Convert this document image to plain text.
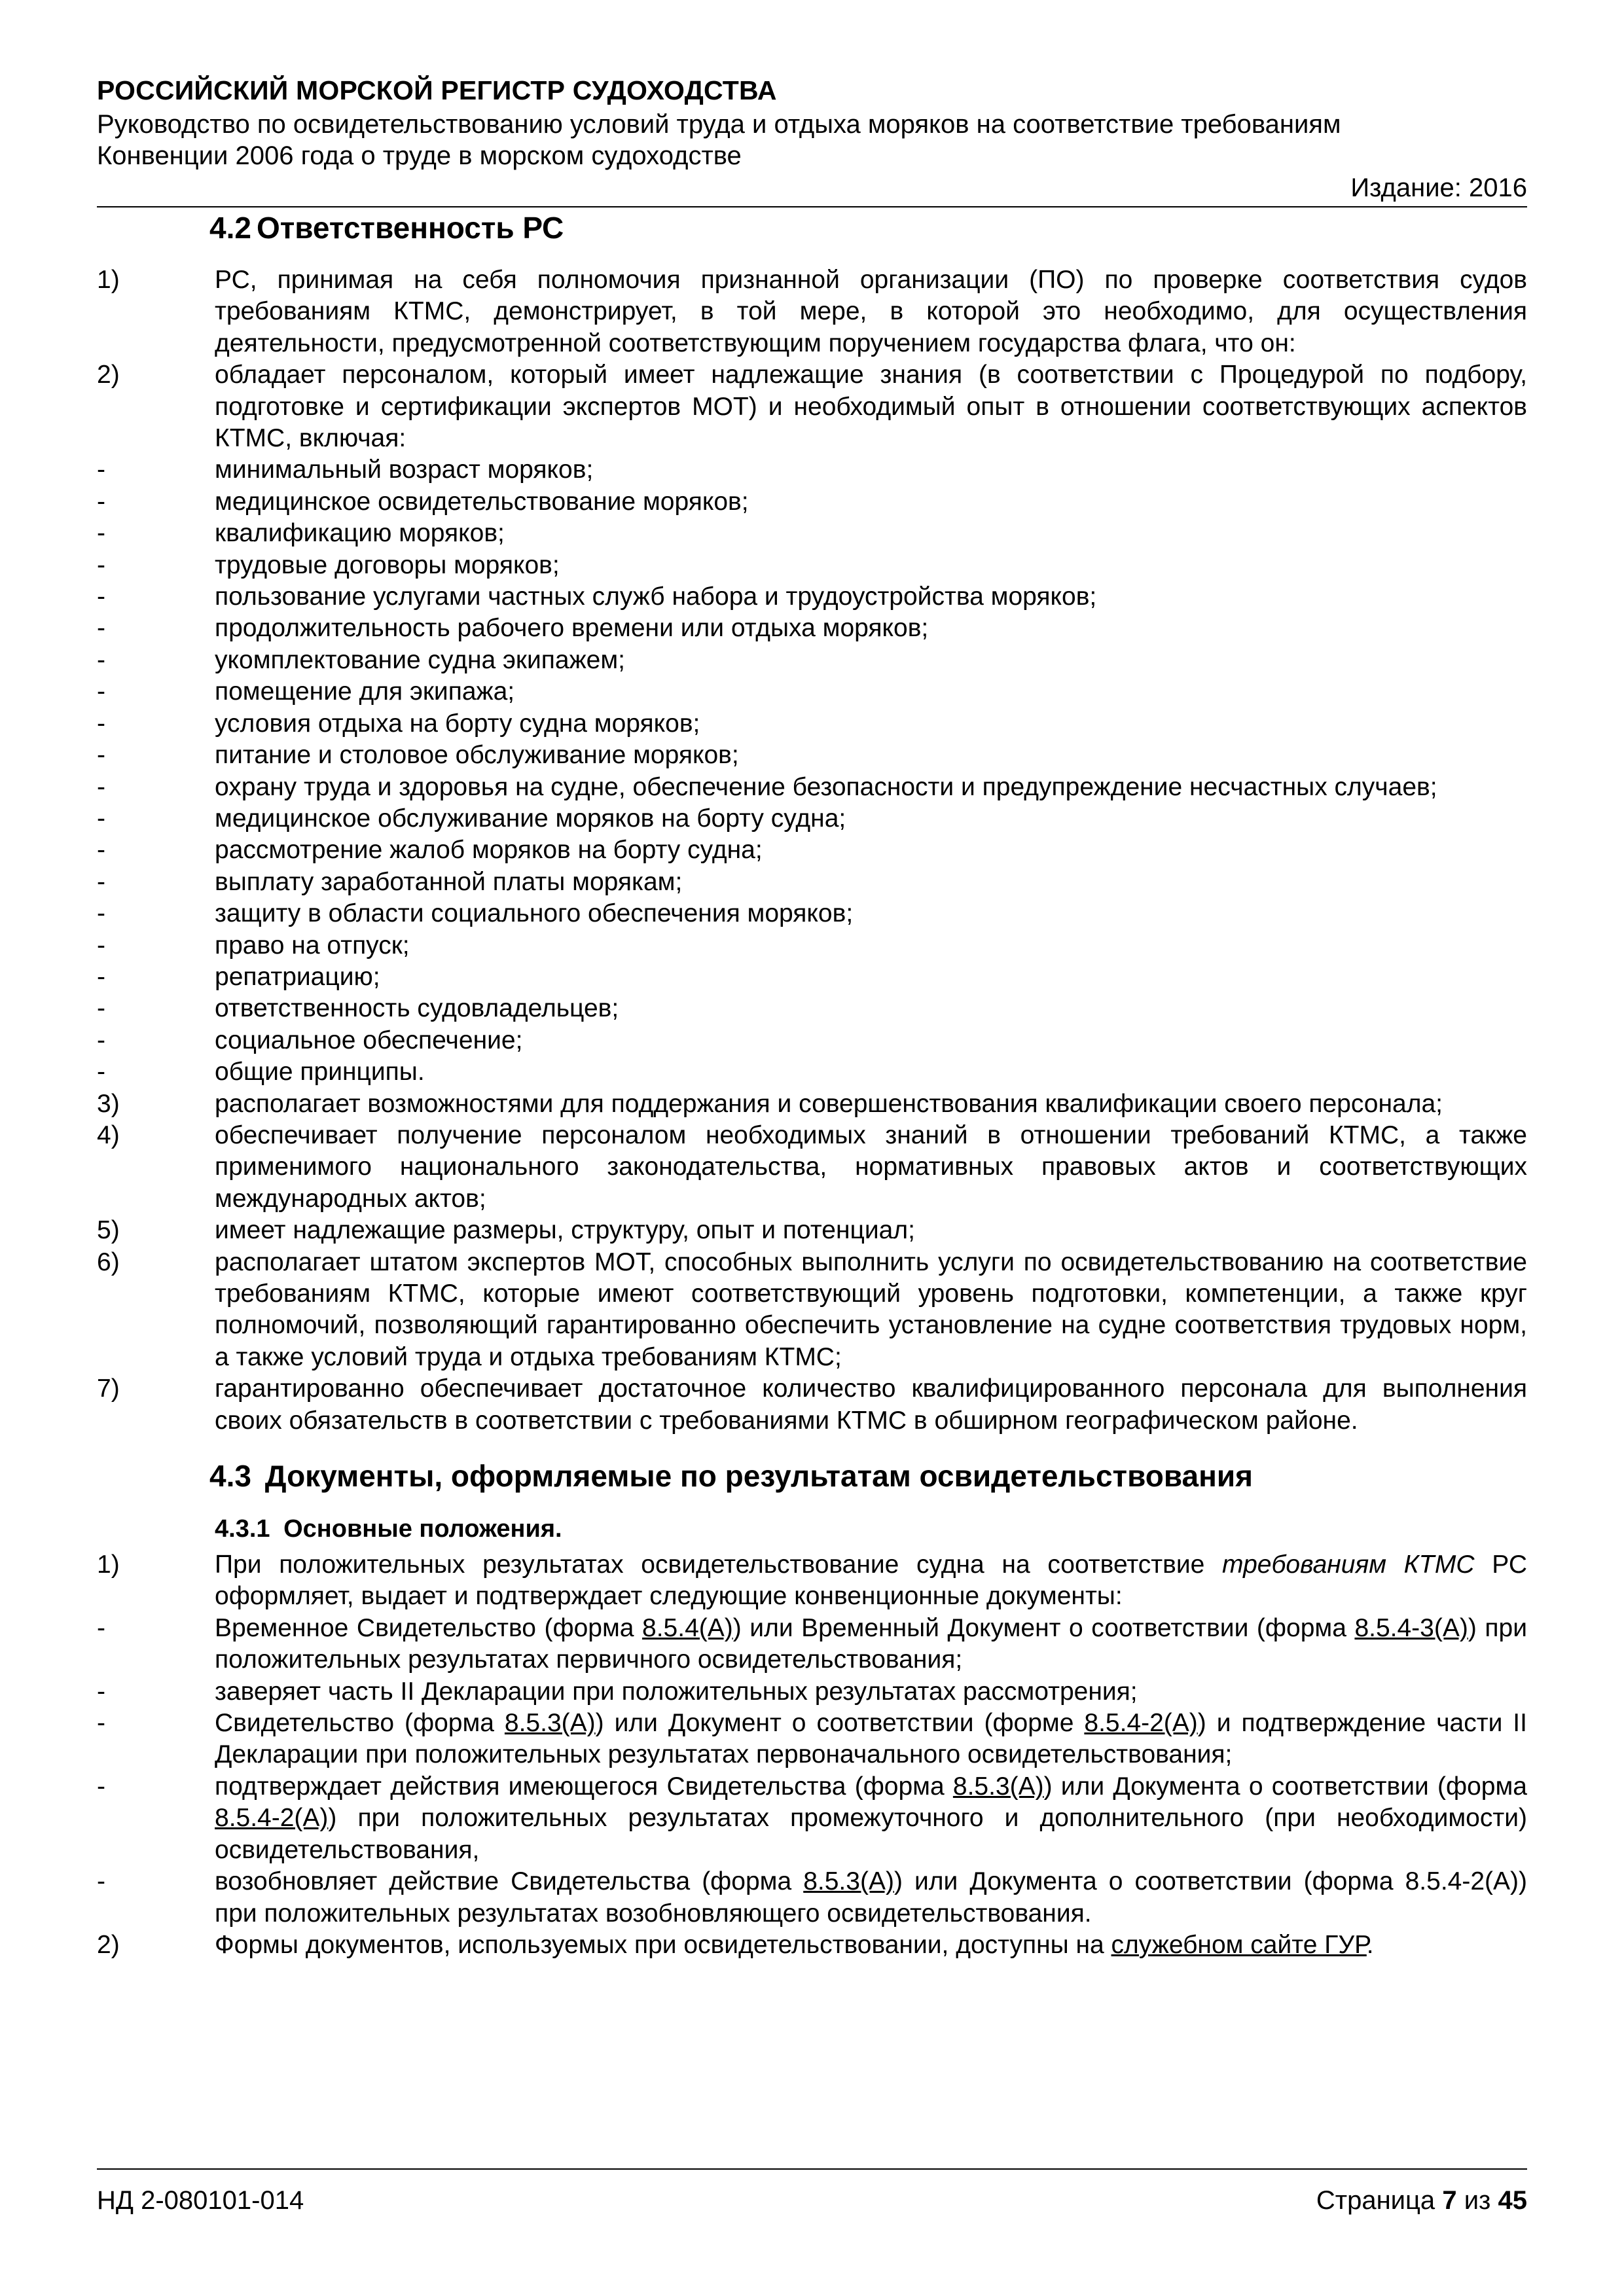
РОССИЙСКИЙ МОРСКОЙ РЕГИСТР СУДОХОДСТВА
Руководство по освидетельствованию условий труда и отдыха моряков на соответствие требованиям
Конвенции 2006 года о труде в морском судоходстве
Издание: 2016
4.2 Ответственность РС
1)	РС, принимая на себя полномочия признанной организации (ПО) по проверке соответствия судов требованиям КТМС, демонстрирует, в той мере, в которой это необходимо, для осуществления деятельности, предусмотренной соответствующим поручением государства флага, что он:
2)	обладает персоналом, который имеет надлежащие знания (в соответствии с Процедурой по подбору, подготовке и сертификации экспертов МОТ) и необходимый опыт в отношении соответствующих аспектов КТМС, включая:
-	минимальный возраст моряков;
-	медицинское освидетельствование моряков;
-	квалификацию моряков;
-	трудовые договоры моряков;
-	пользование услугами частных служб набора и трудоустройства моряков;
-	продолжительность рабочего времени или отдыха моряков;
-	укомплектование судна экипажем;
-	помещение для экипажа;
-	условия отдыха на борту судна моряков;
-	питание и столовое обслуживание моряков;
-	охрану труда и здоровья на судне, обеспечение безопасности и предупреждение несчастных случаев;
-	медицинское обслуживание моряков на борту судна;
-	рассмотрение жалоб моряков на борту судна;
-	выплату заработанной платы морякам;
-	защиту в области социального обеспечения моряков;
-	право на отпуск;
-	репатриацию;
-	ответственность судовладельцев;
-	социальное обеспечение;
-	общие принципы.
3)	располагает возможностями для поддержания и совершенствования квалификации своего персонала;
4)	обеспечивает получение персоналом необходимых знаний в отношении требований КТМС, а также применимого национального законодательства, нормативных правовых актов и соответствующих международных актов;
5)	имеет надлежащие размеры, структуру, опыт и потенциал;
6)	располагает штатом экспертов МОТ, способных выполнить услуги по освидетельствованию на соответствие требованиям КТМС, которые имеют соответствующий уровень подготовки, компетенции, а также круг полномочий, позволяющий гарантированно обеспечить установление на судне соответствия трудовых норм, а также условий труда и отдыха требованиям КТМС;
7)	гарантированно обеспечивает достаточное количество квалифицированного персонала для выполнения своих обязательств в соответствии с требованиями КТМС в обширном географическом районе.
4.3 Документы, оформляемые по результатам освидетельствования
4.3.1 Основные положения.
1)	При положительных результатах освидетельствование судна на соответствие требованиям КТМС РС оформляет, выдает и подтверждает следующие конвенционные документы:
-	Временное Свидетельство (форма 8.5.4(А)) или Временный Документ о соответствии (форма 8.5.4-3(А)) при положительных результатах первичного освидетельствования;
-	заверяет часть II Декларации при положительных результатах рассмотрения;
-	Свидетельство (форма 8.5.3(А)) или Документ о соответствии (форме 8.5.4-2(А)) и подтверждение части II Декларации при положительных результатах первоначального освидетельствования;
-	подтверждает действия имеющегося Свидетельства (форма 8.5.3(А)) или Документа о соответствии (форма 8.5.4-2(А)) при положительных результатах промежуточного и дополнительного (при необходимости) освидетельствования,
-	возобновляет действие Свидетельства (форма 8.5.3(А)) или Документа о соответствии (форма 8.5.4-2(А)) при положительных результатах возобновляющего освидетельствования.
2)	Формы документов, используемых при освидетельствовании, доступны на служебном сайте ГУР.
НД 2-080101-014	Страница 7 из 45
